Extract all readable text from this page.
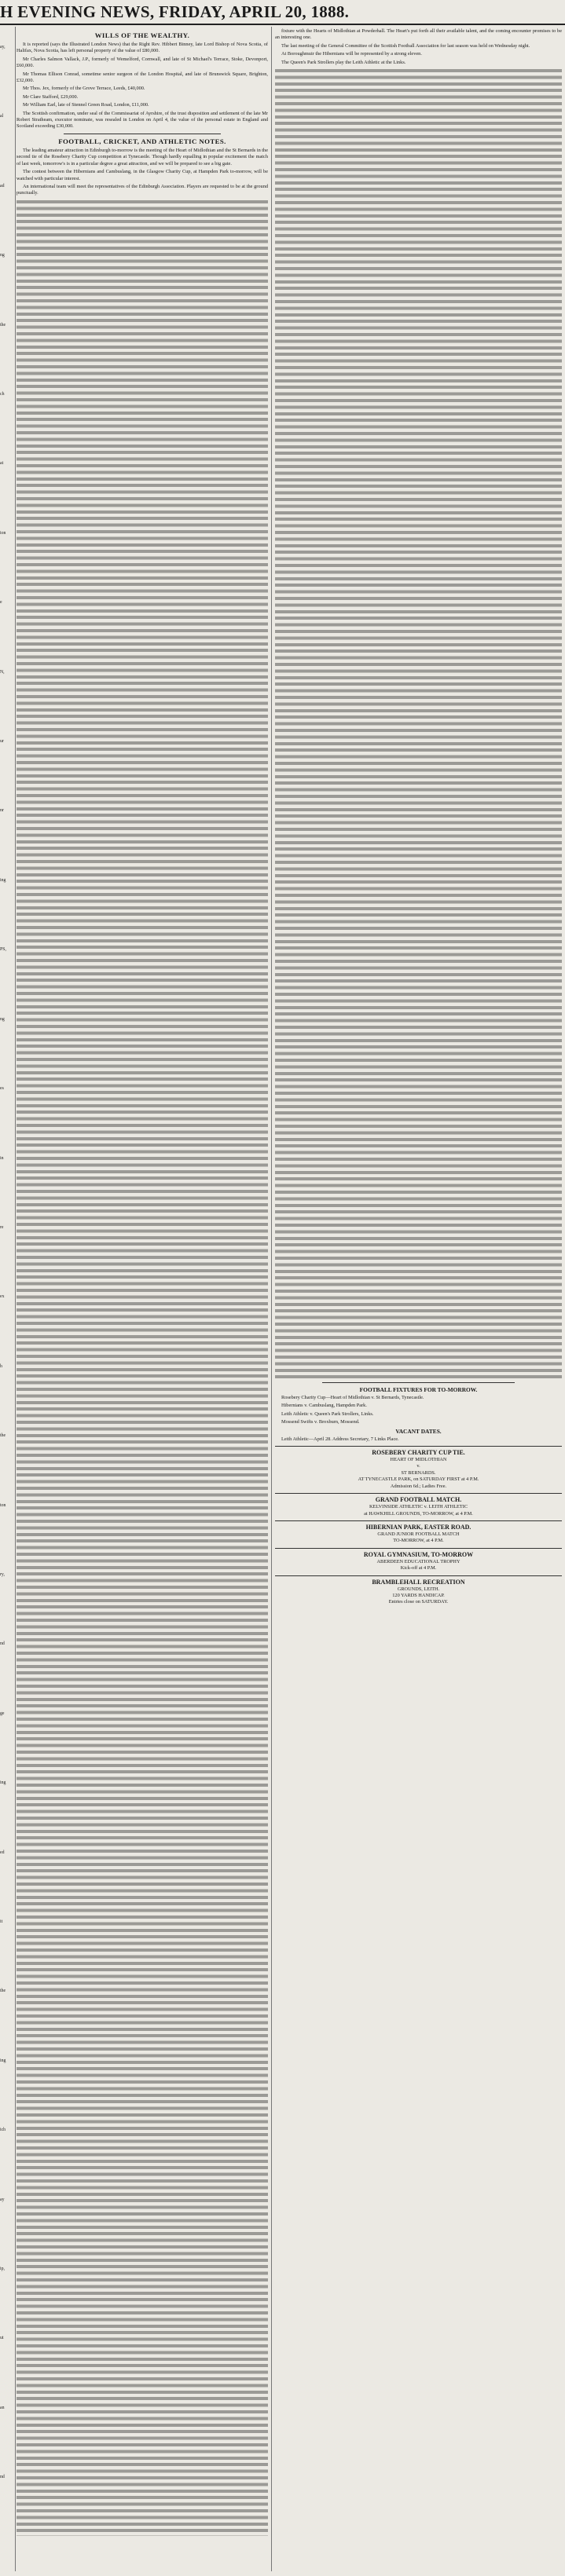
H EVENING NEWS, FRIDAY, APRIL 20, 1888.
ay,
al
ad
ng
the
ch
at
ion
e
N,
ur
nr
ing
PS,
ng
es
in
re
ex
h
the
ton
ry,
nd
ge
ing
ed
it
the
ing
ich
ay
ip,
ut
an
nd
WILLS OF THE WEALTHY.

It is reported (says the Illustrated London News) that the Right Rev. Hibbert Binney, late Lord Bishop of Nova Scotia, of Halifax, Nova Scotia, has left personal property of the value of £80,000.

Mr Charles Salmon Vallack, J.P., formerly of Wemelford, Cornwall, and late of St Michael's Terrace, Stoke, Devonport, £60,000.

Mr Thomas Ellison Conrad, sometime senior surgeon of the London Hospital, and late of Brunswick Square, Brighton, £32,000.

Mr Thos. Jex, formerly of the Grove Terrace, Leeds, £40,000.

Mr Clare Stafford, £29,000.

Mr William Earl, late of Stennel Green Road, London, £11,000.

The Scottish confirmation, under seal of the Commissariat of Ayrshire, of the trust disposition and settlement of the late Mr Robert Stratheam, executor nominate, was resealed in London on April 4, the value of the personal estate in England and Scotland exceeding £30,000.

FOOTBALL, CRICKET, AND ATHLETIC NOTES.

The leading amateur attraction in Edinburgh to-morrow is the meeting of the Heart of Midlothian and the St Bernards in the second tie of the Rosebery Charity Cup competition at Tynecastle. Though hardly equalling in popular excitement the match of last week, tomorrow's is in a particular degree a great attraction, and we will be prepared to see a big gate.

The contest between the Hibernians and Cambuslang, in the Glasgow Charity Cup, at Hampden Park to-morrow, will be watched with particular interest.

An international team will meet the representatives of the Edinburgh Association. Players are requested to be at the ground punctually.

fixture with the Hearts of Midlothian at Powderhall. The Heart's put forth all their available talent, and the coming encounter promises to be an interesting one.

The last meeting of the General Committee of the Scottish Football Association for last season was held on Wednesday night.

At Boroughmuir the Hibernians will be represented by a strong eleven.

The Queen's Park Strollers play the Leith Athletic at the Links.

FOOTBALL FIXTURES FOR TO-MORROW.
Rosebery Charity Cup—Heart of Midlothian v. St Bernards, Tynecastle.
Hibernians v. Cambuslang, Hampden Park.
Leith Athletic v. Queen's Park Strollers, Links.
Mossend Swifts v. Broxburn, Mossend.
VACANT DATES.

Leith Athletic—April 28. Address Secretary, 7 Links Place.

ROSEBERY CHARITY CUP TIE.
HEART OF MIDLOTHIAN
v.
ST BERNARDS.
AT TYNECASTLE PARK, on SATURDAY FIRST at 4 P.M.
Admission 6d.; Ladies Free.
GRAND FOOTBALL MATCH.
KELVINSIDE ATHLETIC v. LEITH ATHLETIC
at HAWKHILL GROUNDS, TO-MORROW, at 4 P.M.
HIBERNIAN PARK, EASTER ROAD.
GRAND JUNIOR FOOTBALL MATCH
TO-MORROW, at 4 P.M.
ROYAL GYMNASIUM, TO-MORROW
ABERDEEN EDUCATIONAL TROPHY
Kick-off at 4 P.M.
BRAMBLEHALL RECREATION
GROUNDS, LEITH.
120 YARDS HANDICAP.
Entries close on SATURDAY.
